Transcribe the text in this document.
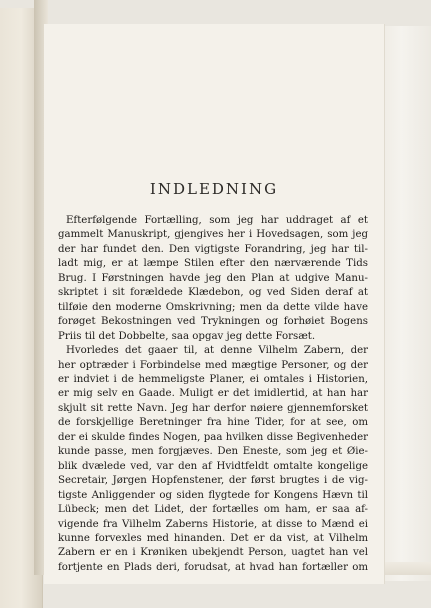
INDLEDNING
Efterfølgende Fortælling, som jeg har uddraget af et
gammelt Manuskript, gjengives her i Hovedsagen, som jeg
der har fundet den. Den vigtigste Forandring, jeg har til-
ladt mig, er at læmpe Stilen efter den nærværende Tids
Brug. I Førstningen havde jeg den Plan at udgive Manu-
skriptet i sit forældede Klædebon, og ved Siden deraf at
tilføie den moderne Omskrivning; men da dette vilde have
forøget Bekostningen ved Trykningen og forhøiet Bogens
Priis til det Dobbelte, saa opgav jeg dette Forsæt.
Hvorledes det gaaer til, at denne Vilhelm Zabern, der
her optræder i Forbindelse med mægtige Personer, og der
er indviet i de hemmeligste Planer, ei omtales i Historien,
er mig selv en Gaade. Muligt er det imidlertid, at han har
skjult sit rette Navn. Jeg har derfor nøiere gjennemforsket
de forskjellige Beretninger fra hine Tider, for at see, om
der ei skulde findes Nogen, paa hvilken disse Begivenheder
kunde passe, men forgjæves. Den Eneste, som jeg et Øie-
blik dvælede ved, var den af Hvidtfeldt omtalte kongelige
Secretair, Jørgen Hopfenstener, der først brugtes i de vig-
tigste Anliggender og siden flygtede for Kongens Hævn til
Lübeck; men det Lidet, der fortælles om ham, er saa af-
vigende fra Vilhelm Zaberns Historie, at disse to Mænd ei
kunne forvexles med hinanden. Det er da vist, at Vilhelm
Zabern er en i Krøniken ubekjendt Person, uagtet han vel
fortjente en Plads deri, forudsat, at hvad han fortæller om
